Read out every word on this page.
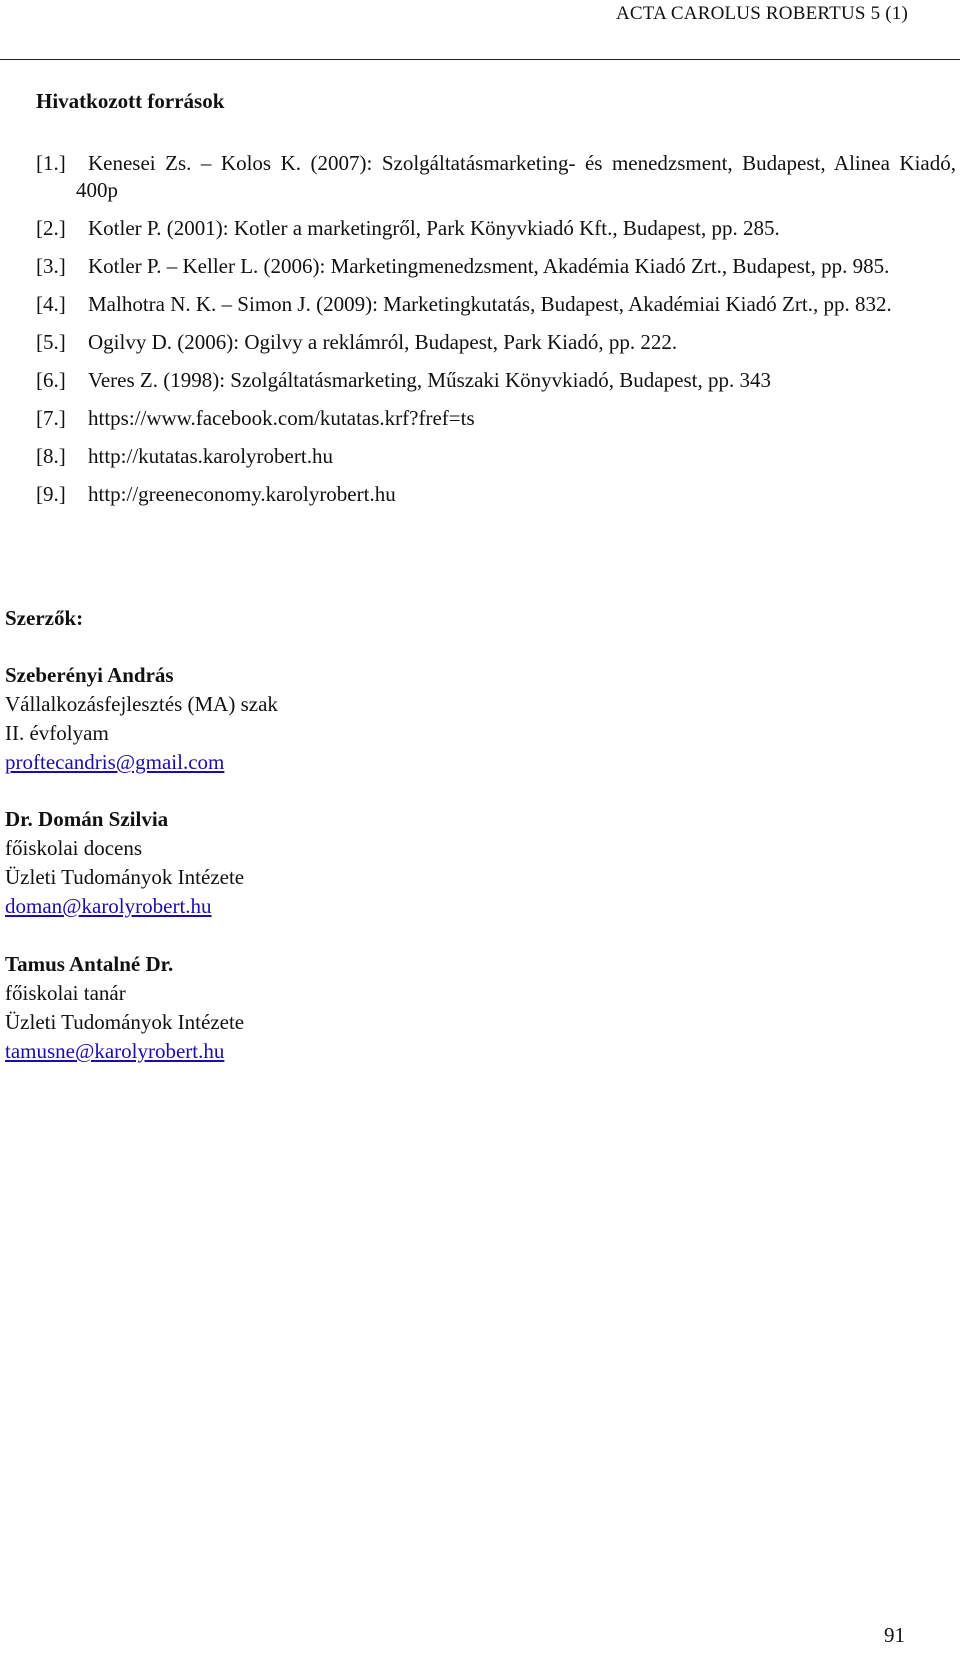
ACTA CAROLUS ROBERTUS 5 (1)
Hivatkozott források
[1.] Kenesei Zs. – Kolos K. (2007): Szolgáltatásmarketing- és menedzsment, Budapest, Alinea Kiadó, 400p
[2.] Kotler P. (2001): Kotler a marketingről, Park Könyvkiadó Kft., Budapest, pp. 285.
[3.] Kotler P. – Keller L. (2006): Marketingmenedzsment, Akadémia Kiadó Zrt., Budapest, pp. 985.
[4.] Malhotra N. K. – Simon J. (2009): Marketingkutatás, Budapest, Akadémiai Kiadó Zrt., pp. 832.
[5.] Ogilvy D. (2006): Ogilvy a reklámról, Budapest, Park Kiadó, pp. 222.
[6.] Veres Z. (1998): Szolgáltatásmarketing, Műszaki Könyvkiadó, Budapest, pp. 343
[7.] https://www.facebook.com/kutatas.krf?fref=ts
[8.] http://kutatas.karolyrobert.hu
[9.] http://greeneconomy.karolyrobert.hu
Szerzők:
Szeberényi András
Vállalkozásfejlesztés (MA) szak
II. évfolyam
proftecandris@gmail.com
Dr. Domán Szilvia
főiskolai docens
Üzleti Tudományok Intézete
doman@karolyrobert.hu
Tamus Antalné Dr.
főiskolai tanár
Üzleti Tudományok Intézete
tamusne@karolyrobert.hu
91
